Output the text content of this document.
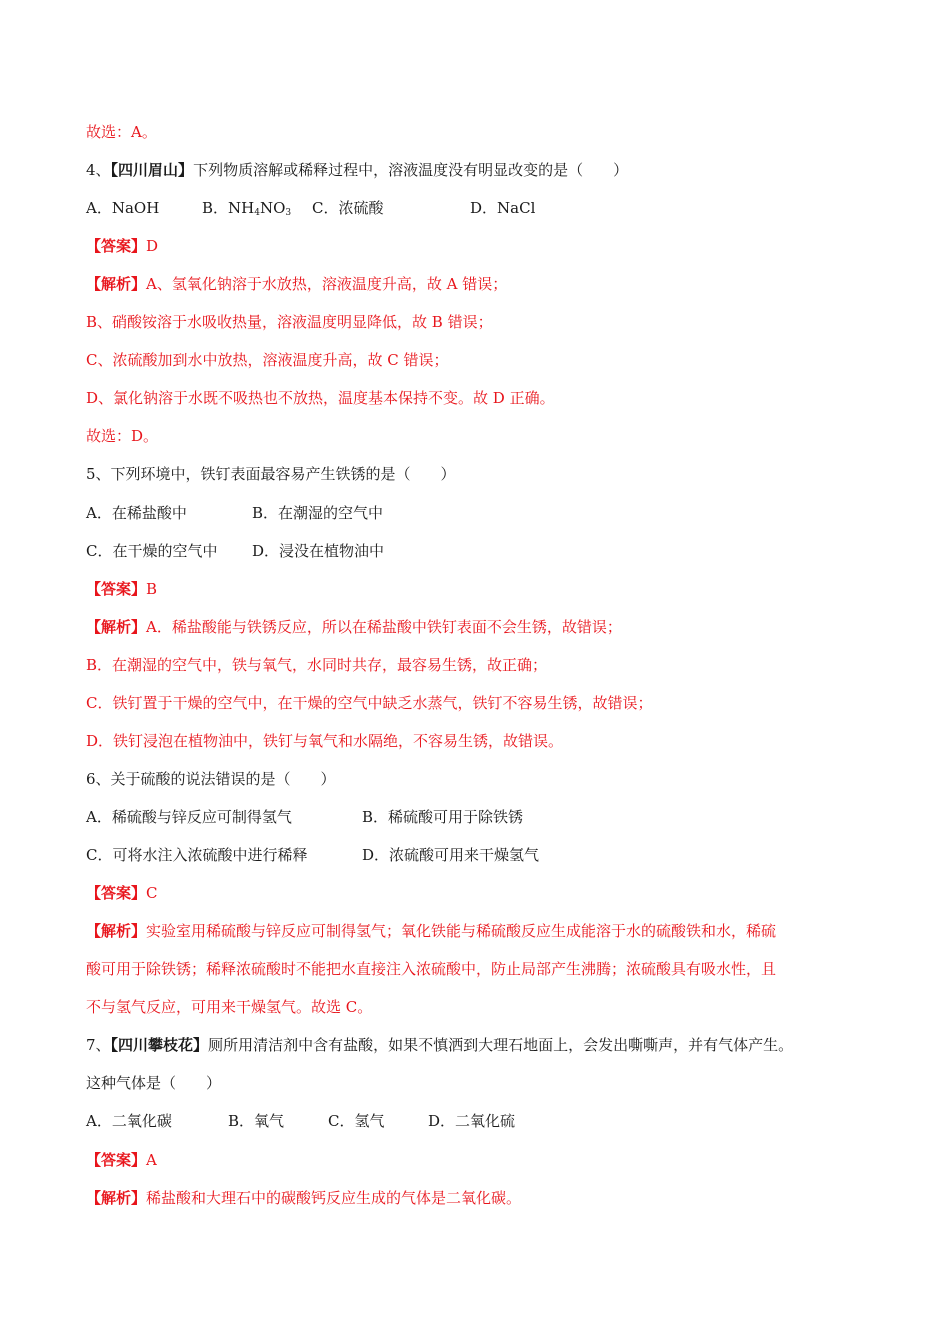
故选：A。
4、【四川眉山】下列物质溶解或稀释过程中，溶液温度没有明显改变的是（　　）
A．NaOH	B．$NH_4NO_3$ C．浓硫酸	D．NaCl
【答案】D
【解析】A、氢氧化钠溶于水放热，溶液温度升高，故 A 错误；
B、硝酸铵溶于水吸收热量，溶液温度明显降低，故 B 错误；
C、浓硫酸加到水中放热，溶液温度升高，故 C 错误；
D、氯化钠溶于水既不吸热也不放热，温度基本保持不变。故 D 正确。
故选：D。
5、下列环境中，铁钉表面最容易产生铁锈的是（　　）
A．在稀盐酸中	B．在潮湿的空气中
C．在干燥的空气中 D．浸没在植物油中
【答案】B
【解析】A．稀盐酸能与铁锈反应，所以在稀盐酸中铁钉表面不会生锈，故错误；
B．在潮湿的空气中，铁与氧气，水同时共存，最容易生锈，故正确；
C．铁钉置于干燥的空气中，在干燥的空气中缺乏水蒸气，铁钉不容易生锈，故错误；
D．铁钉浸泡在植物油中，铁钉与氧气和水隔绝，不容易生锈，故错误。
6、关于硫酸的说法错误的是（　　）
A．稀硫酸与锌反应可制得氢气	B．稀硫酸可用于除铁锈
C．可将水注入浓硫酸中进行稀释	D．浓硫酸可用来干燥氢气
【答案】C
【解析】实验室用稀硫酸与锌反应可制得氢气；氧化铁能与稀硫酸反应生成能溶于水的硫酸铁和水，稀硫
酸可用于除铁锈；稀释浓硫酸时不能把水直接注入浓硫酸中，防止局部产生沸腾；浓硫酸具有吸水性，且
不与氢气反应，可用来干燥氢气。故选 C。
7、【四川攀枝花】厕所用清洁剂中含有盐酸，如果不慎洒到大理石地面上，会发出嘶嘶声，并有气体产生。
这种气体是（　　）
A．二氧化碳	B．氧气	C．氢气	D．二氧化硫
【答案】A
【解析】稀盐酸和大理石中的碳酸钙反应生成的气体是二氧化碳。
